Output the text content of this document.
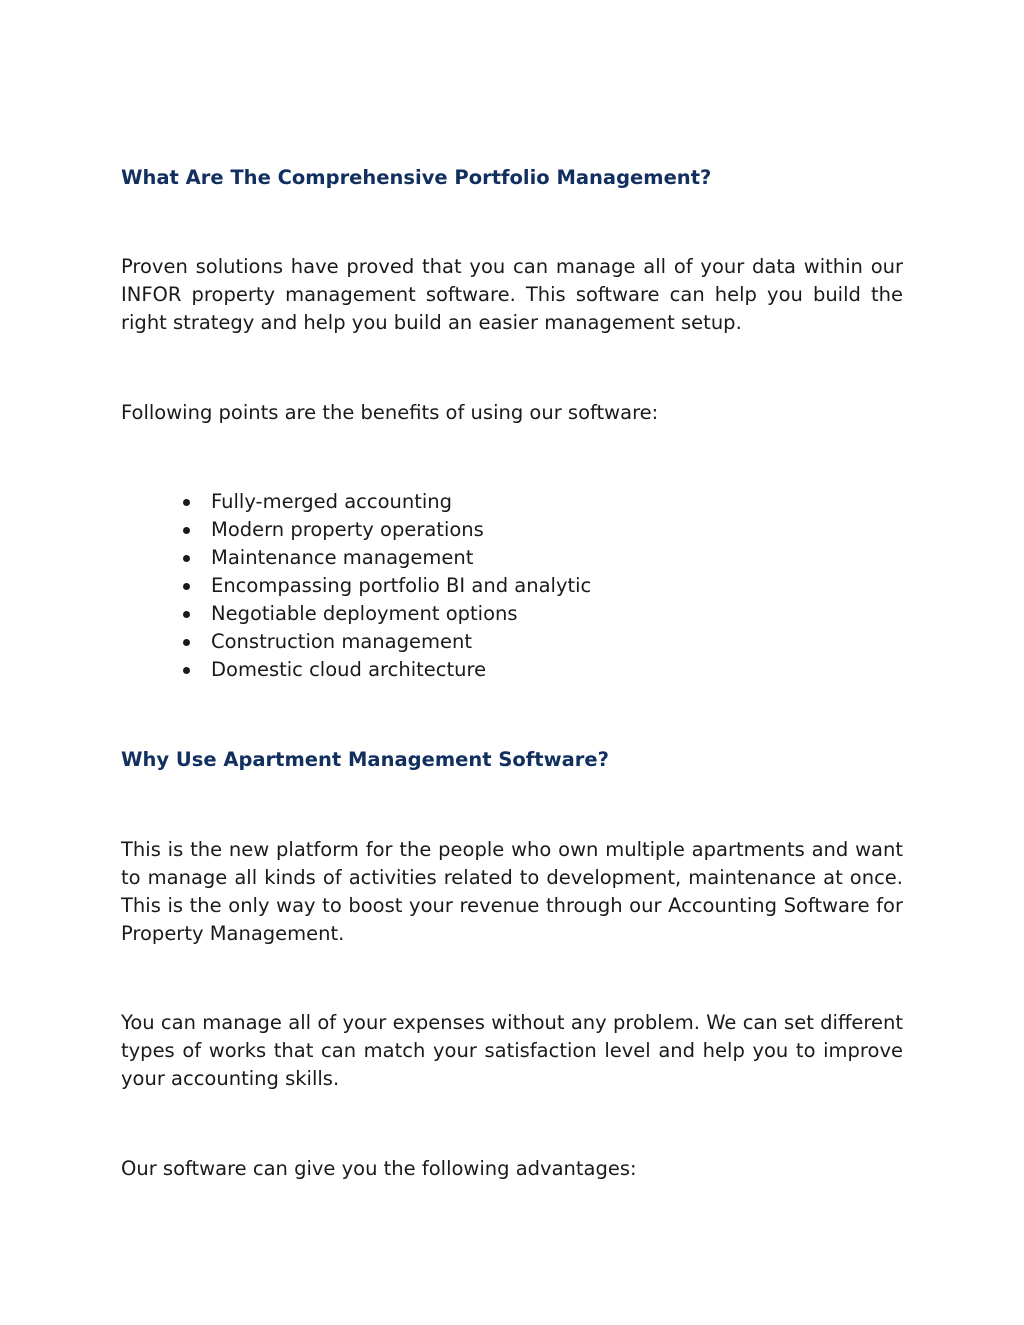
What Are The Comprehensive Portfolio Management?

Proven solutions have proved that you can manage all of your data within our INFOR property management software. This software can help you build the right strategy and help you build an easier management setup.

Following points are the benefits of using our software:

Fully-merged accounting
Modern property operations
Maintenance management
Encompassing portfolio BI and analytic
Negotiable deployment options
Construction management
Domestic cloud architecture
Why Use Apartment Management Software?

This is the new platform for the people who own multiple apartments and want to manage all kinds of activities related to development, maintenance at once. This is the only way to boost your revenue through our Accounting Software for Property Management.

You can manage all of your expenses without any problem. We can set different types of works that can match your satisfaction level and help you to improve your accounting skills.

Our software can give you the following advantages:
